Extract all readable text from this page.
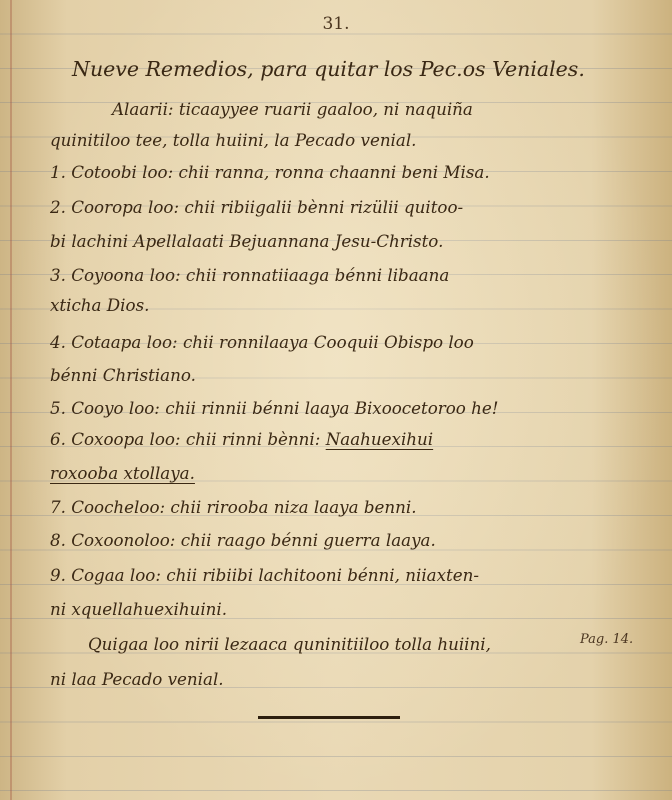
31.
Nueve Remedios, para quitar los Pec.os Veniales.
Alaarii: ticaayyee ruarii gaaloo, ni naquiña
quinitiloo tee, tolla huiini, la Pecado venial.
1. Cotoobi loo: chii ranna, ronna chaanni beni Misa.
2. Cooropa loo: chii ribiigalii bènni rizülii quitoo-
bi lachini Apellalaati Bejuannana Jesu-Christo.
3. Coyoona loo: chii ronnatiiaaga bénni libaana
xticha Dios.
4. Cotaapa loo: chii ronnilaaya Cooquii Obispo loo
bénni Christiano.
5. Cooyo loo: chii rinnii bénni laaya Bixoocetoroo he!
6. Coxoopa loo: chii rinni bènni: Naahuexihui
roxooba xtollaya.
7. Coocheloo: chii rirooba niza laaya benni.
8. Coxoonoloo: chii raago bénni guerra laaya.
9. Cogaa loo: chii ribiibi lachitooni bénni, niiaxten-
ni xquellahuexihuini.
Quigaa loo nirii lezaaca quninitiiloo tolla huiini,	Pag. 14.
ni laa Pecado venial.
